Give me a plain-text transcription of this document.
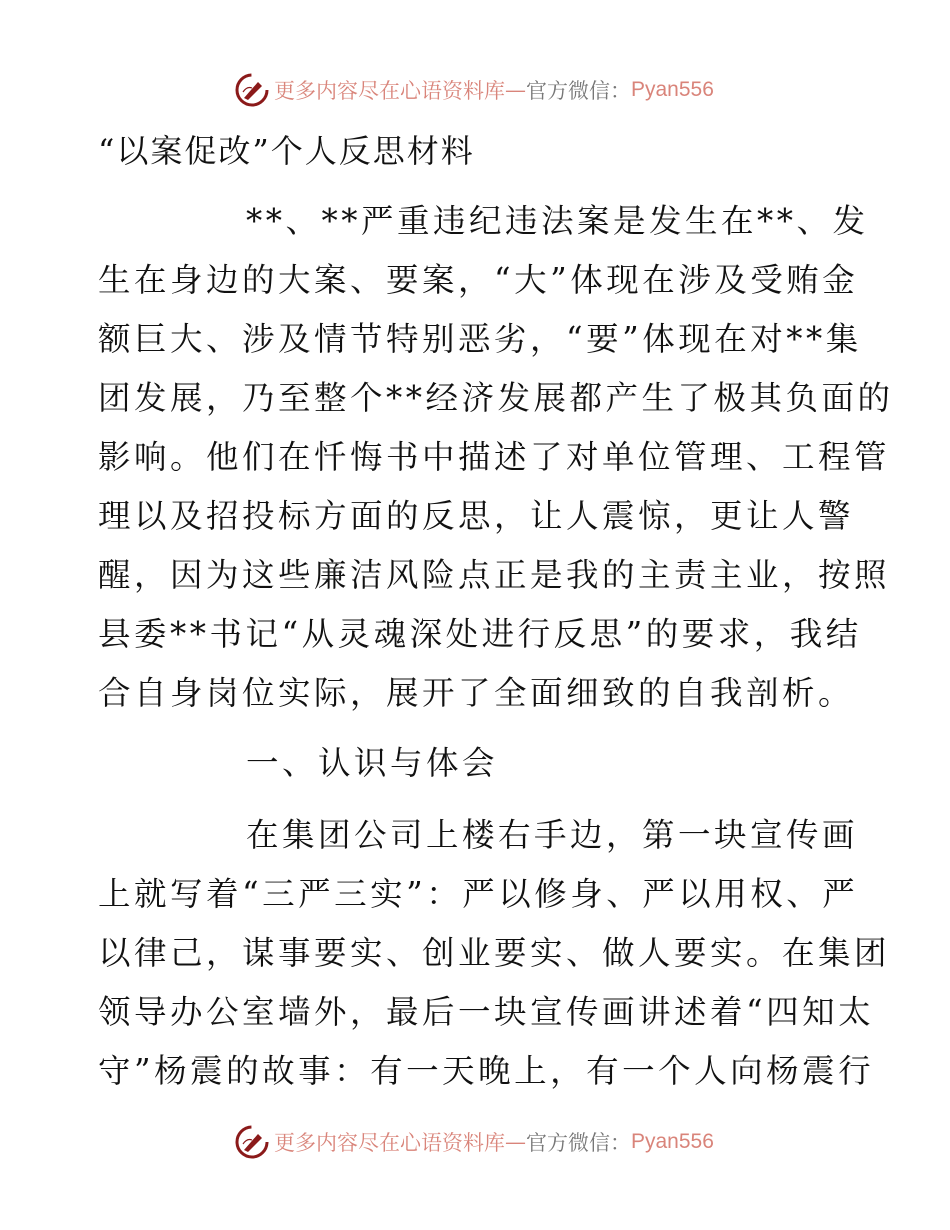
更多内容尽在心语资料库 — 官方微信： Pyan556
“以案促改”个人反思材料
**、**严重违纪违法案是发生在**、发
生在身边的大案、要案，“大”体现在涉及受贿金
额巨大、涉及情节特别恶劣，“要”体现在对**集
团发展，乃至整个**经济发展都产生了极其负面的
影响。他们在忏悔书中描述了对单位管理、工程管
理以及招投标方面的反思，让人震惊，更让人警
醒，因为这些廉洁风险点正是我的主责主业，按照
县委**书记“从灵魂深处进行反思”的要求，我结
合自身岗位实际，展开了全面细致的自我剖析。
一、认识与体会
在集团公司上楼右手边，第一块宣传画
上就写着“三严三实”：严以修身、严以用权、严
以律己，谋事要实、创业要实、做人要实。在集团
领导办公室墙外，最后一块宣传画讲述着“四知太
守”杨震的故事：有一天晚上，有一个人向杨震行
更多内容尽在心语资料库 — 官方微信： Pyan556
